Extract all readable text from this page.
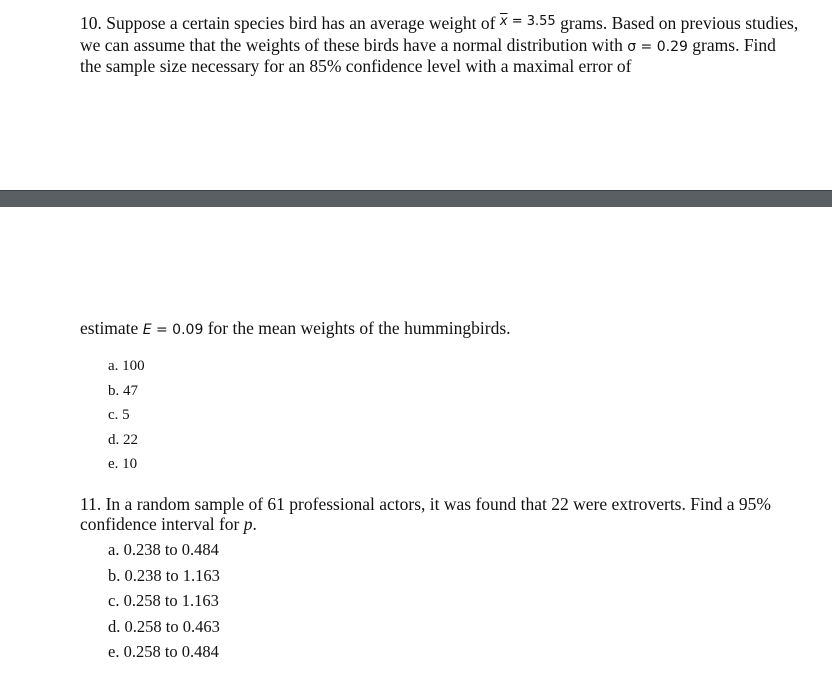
10. Suppose a certain species bird has an average weight of $^{\overline{x} = 3.55}$ grams. Based on previous studies, we can assume that the weights of these birds have a normal distribution with σ = 0.29 grams. Find the sample size necessary for an 85% confidence level with a maximal error of
estimate E = 0.09 for the mean weights of the hummingbirds.
a. 100
b. 47
c. 5
d. 22
e. 10
11. In a random sample of 61 professional actors, it was found that 22 were extroverts. Find a 95% confidence interval for p.
a. 0.238 to 0.484
b. 0.238 to 1.163
c. 0.258 to 1.163
d. 0.258 to 0.463
e. 0.258 to 0.484
